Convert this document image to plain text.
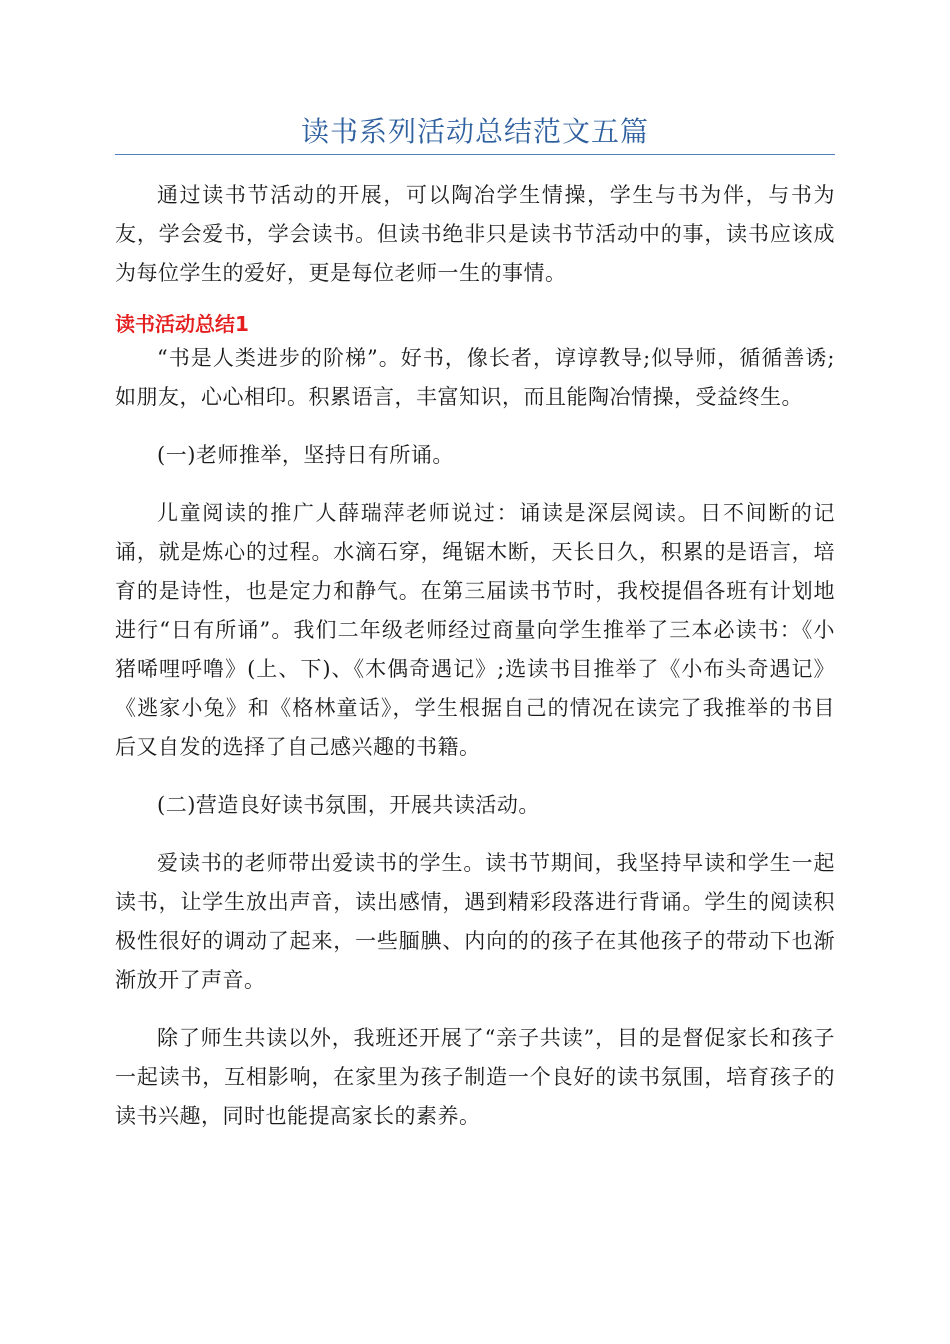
读书系列活动总结范文五篇

通过读书节活动的开展，可以陶冶学生情操，学生与书为伴，与书为友，学会爱书，学会读书。但读书绝非只是读书节活动中的事，读书应该成为每位学生的爱好，更是每位老师一生的事情。

读书活动总结1

“书是人类进步的阶梯”。好书，像长者，谆谆教导;似导师，循循善诱;如朋友，心心相印。积累语言，丰富知识，而且能陶冶情操，受益终生。

(一)老师推举，坚持日有所诵。

儿童阅读的推广人薛瑞萍老师说过：诵读是深层阅读。日不间断的记诵，就是炼心的过程。水滴石穿，绳锯木断，天长日久，积累的是语言，培育的是诗性，也是定力和静气。在第三届读书节时，我校提倡各班有计划地进行“日有所诵”。我们二年级老师经过商量向学生推举了三本必读书：《小猪唏哩呼噜》(上、下)、《木偶奇遇记》;选读书目推举了《小布头奇遇记》《逃家小兔》和《格林童话》，学生根据自己的情况在读完了我推举的书目后又自发的选择了自己感兴趣的书籍。

(二)营造良好读书氛围，开展共读活动。

爱读书的老师带出爱读书的学生。读书节期间，我坚持早读和学生一起读书，让学生放出声音，读出感情，遇到精彩段落进行背诵。学生的阅读积极性很好的调动了起来，一些腼腆、内向的的孩子在其他孩子的带动下也渐渐放开了声音。

除了师生共读以外，我班还开展了“亲子共读”，目的是督促家长和孩子一起读书，互相影响，在家里为孩子制造一个良好的读书氛围，培育孩子的读书兴趣，同时也能提高家长的素养。
